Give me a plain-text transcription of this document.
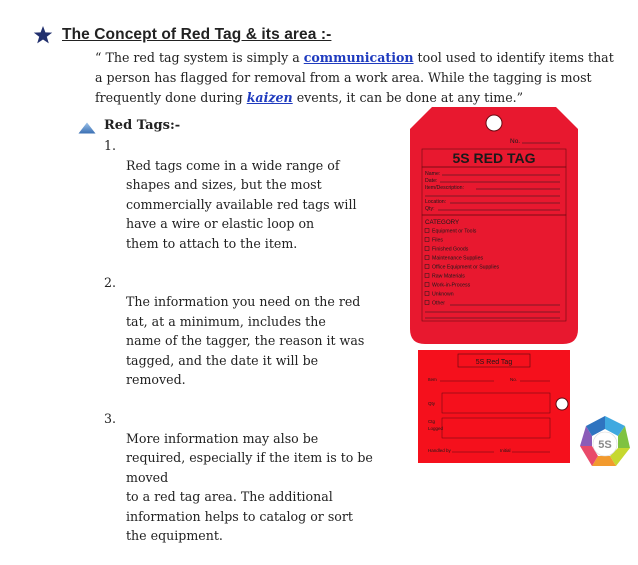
The Concept of Red Tag & its area :-
“ The red tag system is simply a communication tool used to identify items that a person has flagged for removal from a work area. While the tagging is most frequently done during kaizen events, it can be done at any time.”
Red Tags:-

1.
Red tags come in a wide range of
shapes and sizes, but the most
commercially available red tags will
have a wire or elastic loop on
them to attach to the item.

2.
The information you need on the red
tat, at a minimum, includes the
name of the tagger, the reason it was
tagged, and the date it will be
removed.

3.
More information may also be
required, especially if the item is to be
moved
to a red tag area. The additional
information helps to catalog or sort
the equipment.

No.
5S RED TAG
Name:
Date:
Item/Description:
Location:
Qty:
CATEGORY
Equipment or Tools
Files
Finished Goods
Maintenance Supplies
Office Equipment or Supplies
Raw Materials
Work-in-Process
Unknown
Other
5S Red Tag
Item	No.
Qty
Ctg
Logged
Handled by	Initial	5S
